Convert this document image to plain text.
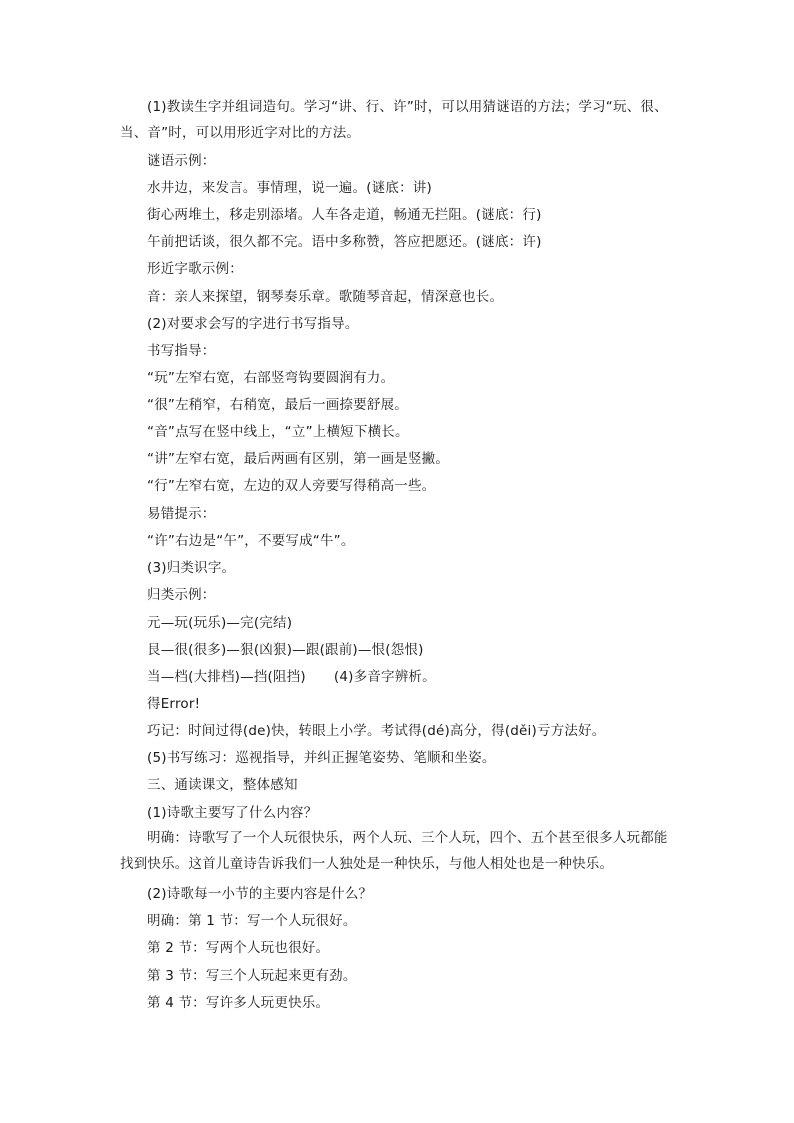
(1)教读生字并组词造句。学习“讲、行、许”时，可以用猜谜语的方法；学习“玩、很、当、音”时，可以用形近字对比的方法。
谜语示例：
水井边，来发言。事情理，说一遍。(谜底：讲)
街心两堆土，移走别添堵。人车各走道，畅通无拦阻。(谜底：行)
午前把话谈，很久都不完。语中多称赞，答应把愿还。(谜底：许)
形近字歌示例：
音：亲人来探望，钢琴奏乐章。歌随琴音起，情深意也长。
(2)对要求会写的字进行书写指导。
书写指导：
“玩”左窄右宽，右部竖弯钩要圆润有力。
“很”左稍窄，右稍宽，最后一画捺要舒展。
“音”点写在竖中线上，“立”上横短下横长。
“讲”左窄右宽，最后两画有区别，第一画是竖撇。
“行”左窄右宽，左边的双人旁要写得稍高一些。
易错提示：
“许”右边是“午”，不要写成“牛”。
(3)归类识字。
归类示例：
元—玩(玩乐)—完(完结)
艮—很(很多)—狠(凶狠)—跟(跟前)—恨(怨恨)
当—档(大排档)—挡(阻挡) (4)多音字辨析。
得Error!
巧记：时间过得(de)快，转眼上小学。考试得(dé)高分，得(děi)亏方法好。
(5)书写练习：巡视指导，并纠正握笔姿势、笔顺和坐姿。
三、通读课文，整体感知
(1)诗歌主要写了什么内容？
明确：诗歌写了一个人玩很快乐，两个人玩、三个人玩，四个、五个甚至很多人玩都能找到快乐。这首儿童诗告诉我们一人独处是一种快乐，与他人相处也是一种快乐。
(2)诗歌每一小节的主要内容是什么？
明确：第 1 节：写一个人玩很好。
第 2 节：写两个人玩也很好。
第 3 节：写三个人玩起来更有劲。
第 4 节：写许多人玩更快乐。
